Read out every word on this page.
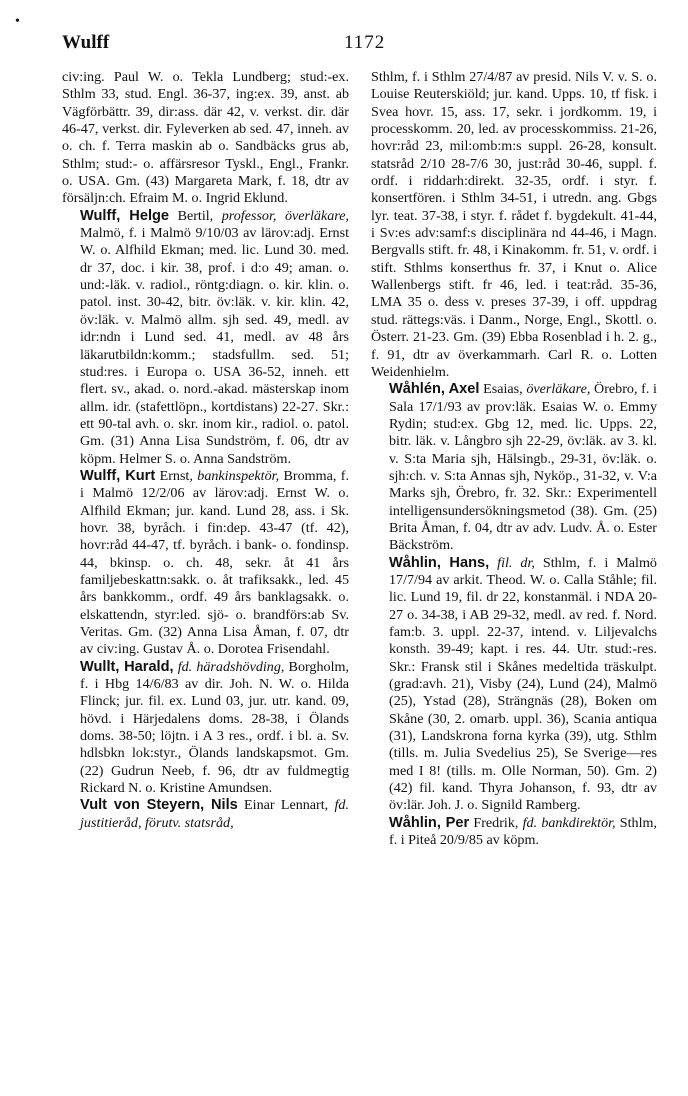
•
Wulff	1172

civ:ing. Paul W. o. Tekla Lundberg; stud:-ex. Sthlm 33, stud. Engl. 36-37, ing:ex. 39, anst. ab Vägförbättr. 39, dir:ass. där 42, v. verkst. dir. där 46-47, verkst. dir. Fyleverken ab sed. 47, inneh. av o. ch. f. Terra maskin ab o. Sandbäcks grus ab, Sthlm; stud:- o. affärsresor Tyskl., Engl., Frankr. o. USA. Gm. (43) Margareta Mark, f. 18, dtr av försäljn:ch. Efraim M. o. Ingrid Eklund.

Wulff, Helge Bertil, professor, överläkare, Malmö, f. i Malmö 9/10/03 av lärov:adj. Ernst W. o. Alfhild Ekman; med. lic. Lund 30. med. dr 37, doc. i kir. 38, prof. i d:o 49; aman. o. und:-läk. v. radiol., röntg:diagn. o. kir. klin. o. patol. inst. 30-42, bitr. öv:läk. v. kir. klin. 42, öv:läk. v. Malmö allm. sjh sed. 49, medl. av idr:ndn i Lund sed. 41, medl. av 48 års läkarutbildn:komm.; stadsfullm. sed. 51; stud:res. i Europa o. USA 36-52, inneh. ett flert. sv., akad. o. nord.-akad. mästerskap inom allm. idr. (stafettlöpn., kortdistans) 22-27. Skr.: ett 90-tal avh. o. skr. inom kir., radiol. o. patol. Gm. (31) Anna Lisa Sundström, f. 06, dtr av köpm. Helmer S. o. Anna Sandström.

Wulff, Kurt Ernst, bankinspektör, Bromma, f. i Malmö 12/2/06 av lärov:adj. Ernst W. o. Alfhild Ekman; jur. kand. Lund 28, ass. i Sk. hovr. 38, byråch. i fin:dep. 43-47 (tf. 42), hovr:råd 44-47, tf. byråch. i bank- o. fondinsp. 44, bkinsp. o. ch. 48, sekr. åt 41 års familjebeskattn:sakk. o. åt trafiksakk., led. 45 års bankkomm., ordf. 49 års banklagsakk. o. elskattendn, styr:led. sjö- o. brandförs:ab Sv. Veritas. Gm. (32) Anna Lisa Åman, f. 07, dtr av civ:ing. Gustav Å. o. Dorotea Frisendahl.

Wullt, Harald, fd. häradshövding, Borgholm, f. i Hbg 14/6/83 av dir. Joh. N. W. o. Hilda Flinck; jur. fil. ex. Lund 03, jur. utr. kand. 09, hövd. i Härjedalens doms. 28-38, i Ölands doms. 38-50; löjtn. i A 3 res., ordf. i bl. a. Sv. hdlsbkn lok:styr., Ölands landskapsmot. Gm. (22) Gudrun Neeb, f. 96, dtr av fuldmegtig Rickard N. o. Kristine Amundsen.

Vult von Steyern, Nils Einar Lennart, fd. justitieråd, förutv. statsråd,

Sthlm, f. i Sthlm 27/4/87 av presid. Nils V. v. S. o. Louise Reuterskiöld; jur. kand. Upps. 10, tf fisk. i Svea hovr. 15, ass. 17, sekr. i jordkomm. 19, i processkomm. 20, led. av processkommiss. 21-26, hovr:råd 23, mil:omb:m:s suppl. 26-28, konsult. statsråd 2/10 28-7/6 30, just:råd 30-46, suppl. f. ordf. i riddarh:direkt. 32-35, ordf. i styr. f. konsertfören. i Sthlm 34-51, i utredn. ang. Gbgs lyr. teat. 37-38, i styr. f. rådet f. bygdekult. 41-44, i Sv:es adv:samf:s disciplinära nd 44-46, i Magn. Bergvalls stift. fr. 48, i Kinakomm. fr. 51, v. ordf. i stift. Sthlms konserthus fr. 37, i Knut o. Alice Wallenbergs stift. fr 46, led. i teat:råd. 35-36, LMA 35 o. dess v. preses 37-39, i off. uppdrag stud. rättegs:väs. i Danm., Norge, Engl., Skottl. o. Österr. 21-23. Gm. (39) Ebba Rosenblad i h. 2. g., f. 91, dtr av överkammarh. Carl R. o. Lotten Weidenhielm.

Wåhlén, Axel Esaias, överläkare, Örebro, f. i Sala 17/1/93 av prov:läk. Esaias W. o. Emmy Rydin; stud:ex. Gbg 12, med. lic. Upps. 22, bitr. läk. v. Långbro sjh 22-29, öv:läk. av 3. kl. v. S:ta Maria sjh, Hälsingb., 29-31, öv:läk. o. sjh:ch. v. S:ta Annas sjh, Nyköp., 31-32, v. V:a Marks sjh, Örebro, fr. 32. Skr.: Experimentell intelligensundersökningsmetod (38). Gm. (25) Brita Åman, f. 04, dtr av adv. Ludv. Å. o. Ester Bäckström.

Wåhlin, Hans, fil. dr, Sthlm, f. i Malmö 17/7/94 av arkit. Theod. W. o. Calla Ståhle; fil. lic. Lund 19, fil. dr 22, konstanmäl. i NDA 20-27 o. 34-38, i AB 29-32, medl. av red. f. Nord. fam:b. 3. uppl. 22-37, intend. v. Liljevalchs konsth. 39-49; kapt. i res. 44. Utr. stud:-res. Skr.: Fransk stil i Skånes medeltida träskulpt. (grad:avh. 21), Visby (24), Lund (24), Malmö (25), Ystad (28), Strängnäs (28), Boken om Skåne (30, 2. omarb. uppl. 36), Scania antiqua (31), Landskrona forna kyrka (39), utg. Sthlm (tills. m. Julia Svedelius 25), Se Sverige—res med I 8! (tills. m. Olle Norman, 50). Gm. 2) (42) fil. kand. Thyra Johanson, f. 93, dtr av öv:lär. Joh. J. o. Signild Ramberg.

Wåhlin, Per Fredrik, fd. bankdirektör, Sthlm, f. i Piteå 20/9/85 av köpm.
